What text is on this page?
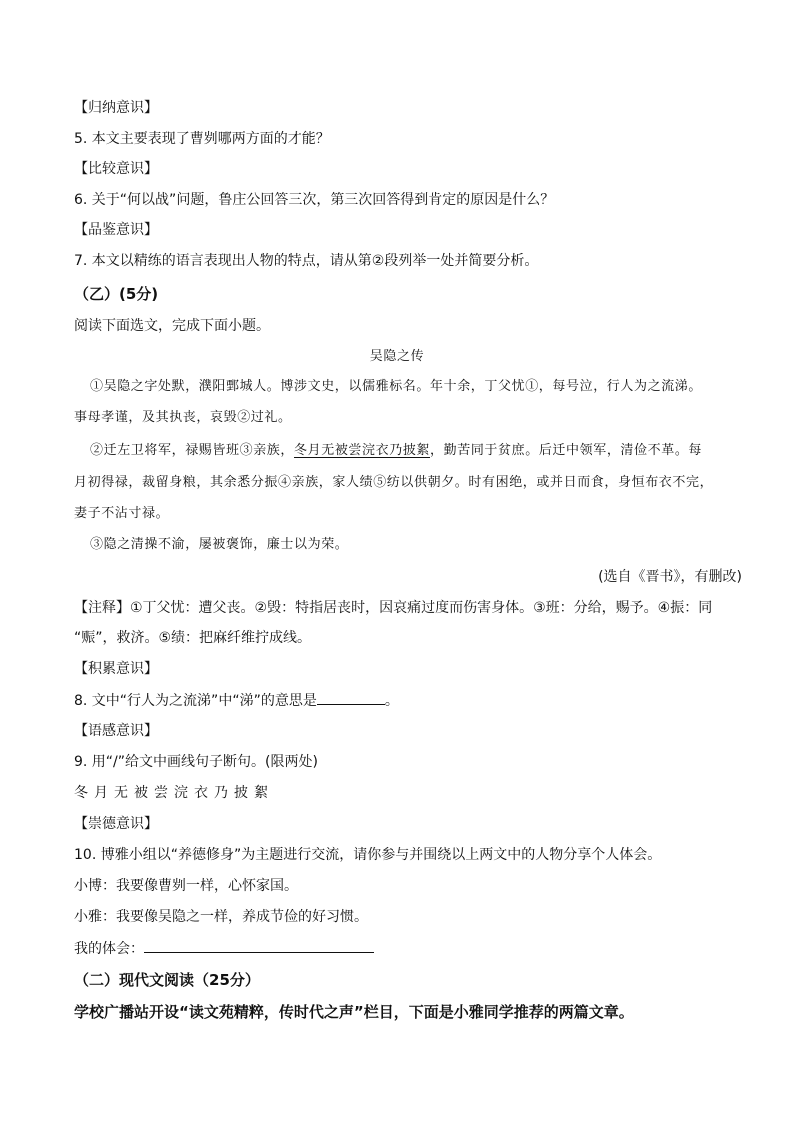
【归纳意识】
5. 本文主要表现了曹刿哪两方面的才能？
【比较意识】
6. 关于“何以战”问题，鲁庄公回答三次，第三次回答得到肯定的原因是什么？
【品鉴意识】
7. 本文以精练的语言表现出人物的特点，请从第②段列举一处并简要分析。
（乙）(5分)
阅读下面选文，完成下面小题。
吴隐之传
①吴隐之字处默，濮阳鄄城人。博涉文史，以儒雅标名。年十余，丁父忧①，每号泣，行人为之流涕。
事母孝谨，及其执丧，哀毁②过礼。
②迁左卫将军，禄赐皆班③亲族，冬月无被尝浣衣乃披絮，勤苦同于贫庶。后迁中领军，清俭不革。每
月初得禄，裁留身粮，其余悉分振④亲族，家人绩⑤纺以供朝夕。时有困绝，或并日而食，身恒布衣不完，
妻子不沾寸禄。
③隐之清操不渝，屡被褒饰，廉士以为荣。
(选自《晋书》，有删改)
【注释】①丁父忧：遭父丧。②毁：特指居丧时，因哀痛过度而伤害身体。③班：分给，赐予。④振：同
“赈”，救济。⑤绩：把麻纤维拧成线。
【积累意识】
8. 文中“行人为之流涕”中“涕”的意思是	。
【语感意识】
9. 用“/”给文中画线句子断句。(限两处)
冬月无被尝浣衣乃披絮
【崇德意识】
10. 博雅小组以“养德修身”为主题进行交流，请你参与并围绕以上两文中的人物分享个人体会。
小博：我要像曹刿一样，心怀家国。
小雅：我要像吴隐之一样，养成节俭的好习惯。
我的体会：
（二）现代文阅读（25分）
学校广播站开设“读文苑精粹，传时代之声”栏目，下面是小雅同学推荐的两篇文章。
